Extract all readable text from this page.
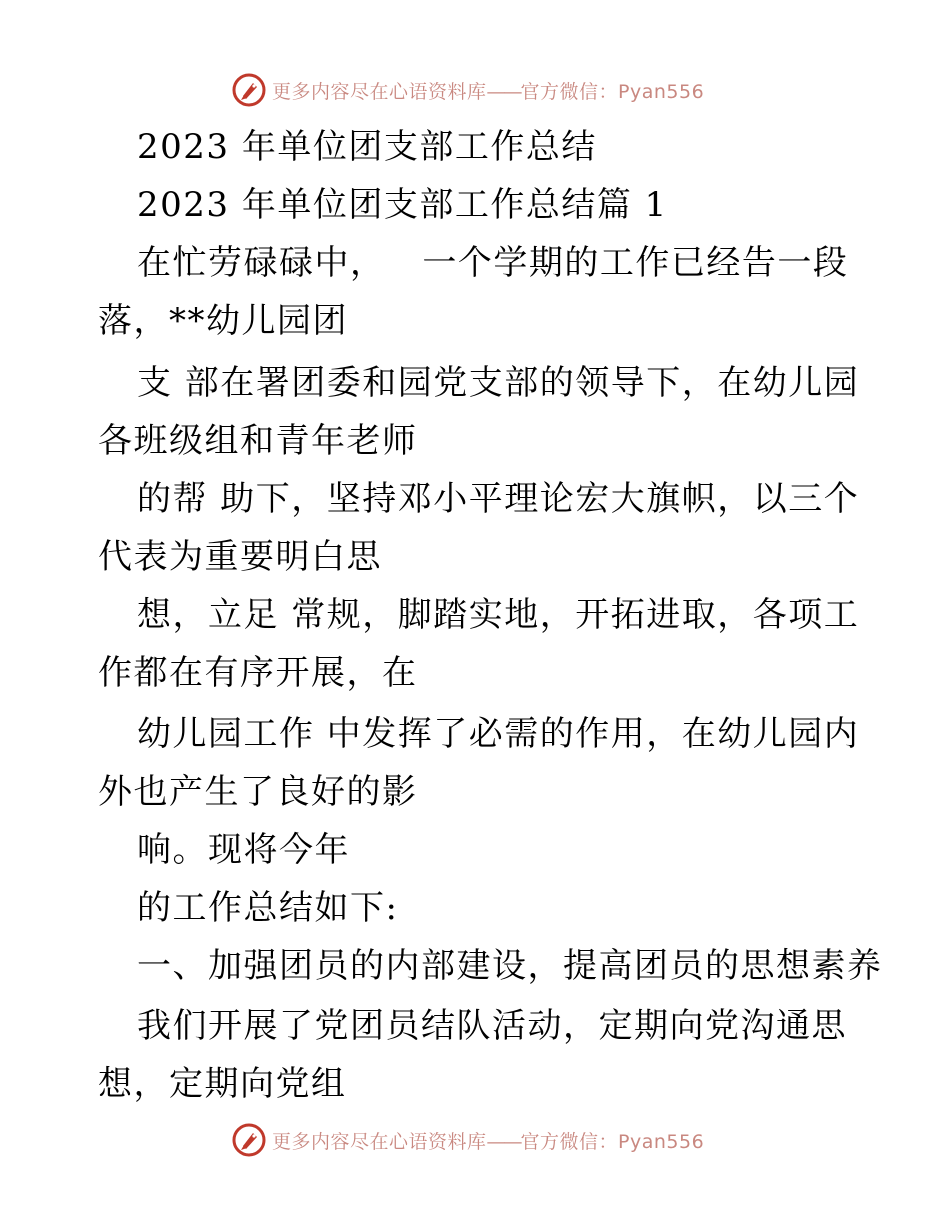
更多内容尽在心语资料库——官方微信：Pyan556
2023 年单位团支部工作总结
2023 年单位团支部工作总结篇 1
在忙劳碌碌中，   一个学期的工作已经告一段
落，**幼儿园团
支 部在署团委和园党支部的领导下，在幼儿园
各班级组和青年老师
的帮 助下，坚持邓小平理论宏大旗帜，以三个
代表为重要明白思
想，立足 常规，脚踏实地，开拓进取，各项工
作都在有序开展，在
幼儿园工作 中发挥了必需的作用，在幼儿园内
外也产生了良好的影
响。现将今年
的工作总结如下:
一、加强团员的内部建设，提高团员的思想素养
我们开展了党团员结队活动，定期向党沟通思
想，定期向党组
更多内容尽在心语资料库——官方微信：Pyan556
